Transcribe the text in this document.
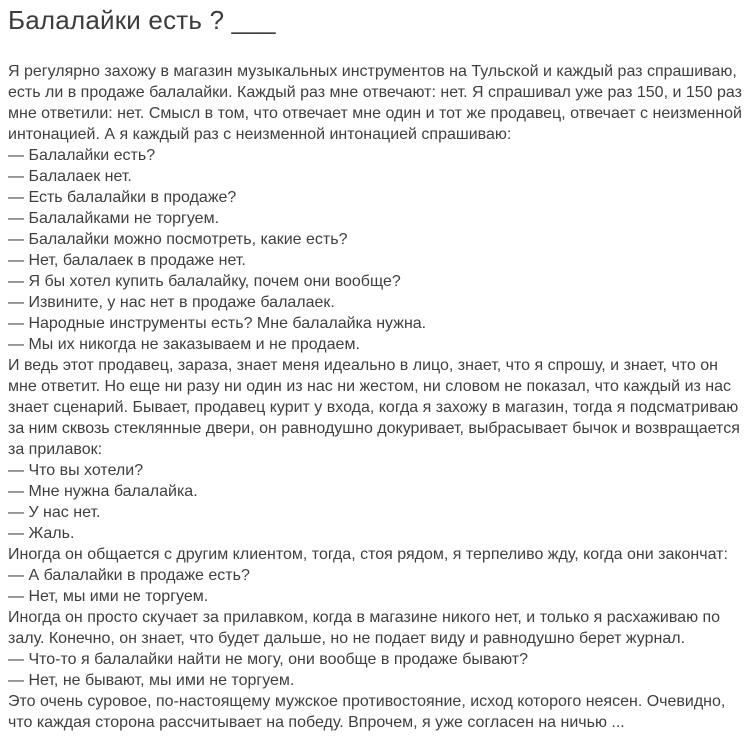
Балалайки есть ? ___
Я регулярно захожу в магазин музыкальных инструментов на Тульской и каждый раз спрашиваю, есть ли в продаже балалайки. Каждый раз мне отвечают: нет. Я спрашивал уже раз 150, и 150 раз мне ответили: нет. Смысл в том, что отвечает мне один и тот же продавец, отвечает с неизменной интонацией. А я каждый раз с неизменной интонацией спрашиваю:
— Балалайки есть?
— Балалаек нет.
— Есть балалайки в продаже?
— Балалайками не торгуем.
— Балалайки можно посмотреть, какие есть?
— Нет, балалаек в продаже нет.
— Я бы хотел купить балалайку, почем они вообще?
— Извините, у нас нет в продаже балалаек.
— Народные инструменты есть? Мне балалайка нужна.
— Мы их никогда не заказываем и не продаем.
И ведь этот продавец, зараза, знает меня идеально в лицо, знает, что я спрошу, и знает, что он мне ответит. Но еще ни разу ни один из нас ни жестом, ни словом не показал, что каждый из нас знает сценарий. Бывает, продавец курит у входа, когда я захожу в магазин, тогда я подсматриваю за ним сквозь стеклянные двери, он равнодушно докуривает, выбрасывает бычок и возвращается за прилавок:
— Что вы хотели?
— Мне нужна балалайка.
— У нас нет.
— Жаль.
Иногда он общается с другим клиентом, тогда, стоя рядом, я терпеливо жду, когда они закончат:
— А балалайки в продаже есть?
— Нет, мы ими не торгуем.
Иногда он просто скучает за прилавком, когда в магазине никого нет, и только я расхаживаю по залу. Конечно, он знает, что будет дальше, но не подает виду и равнодушно берет журнал.
— Что-то я балалайки найти не могу, они вообще в продаже бывают?
— Нет, не бывают, мы ими не торгуем.
Это очень суровое, по-настоящему мужское противостояние, исход которого неясен. Очевидно, что каждая сторона рассчитывает на победу. Впрочем, я уже согласен на ничью ...
